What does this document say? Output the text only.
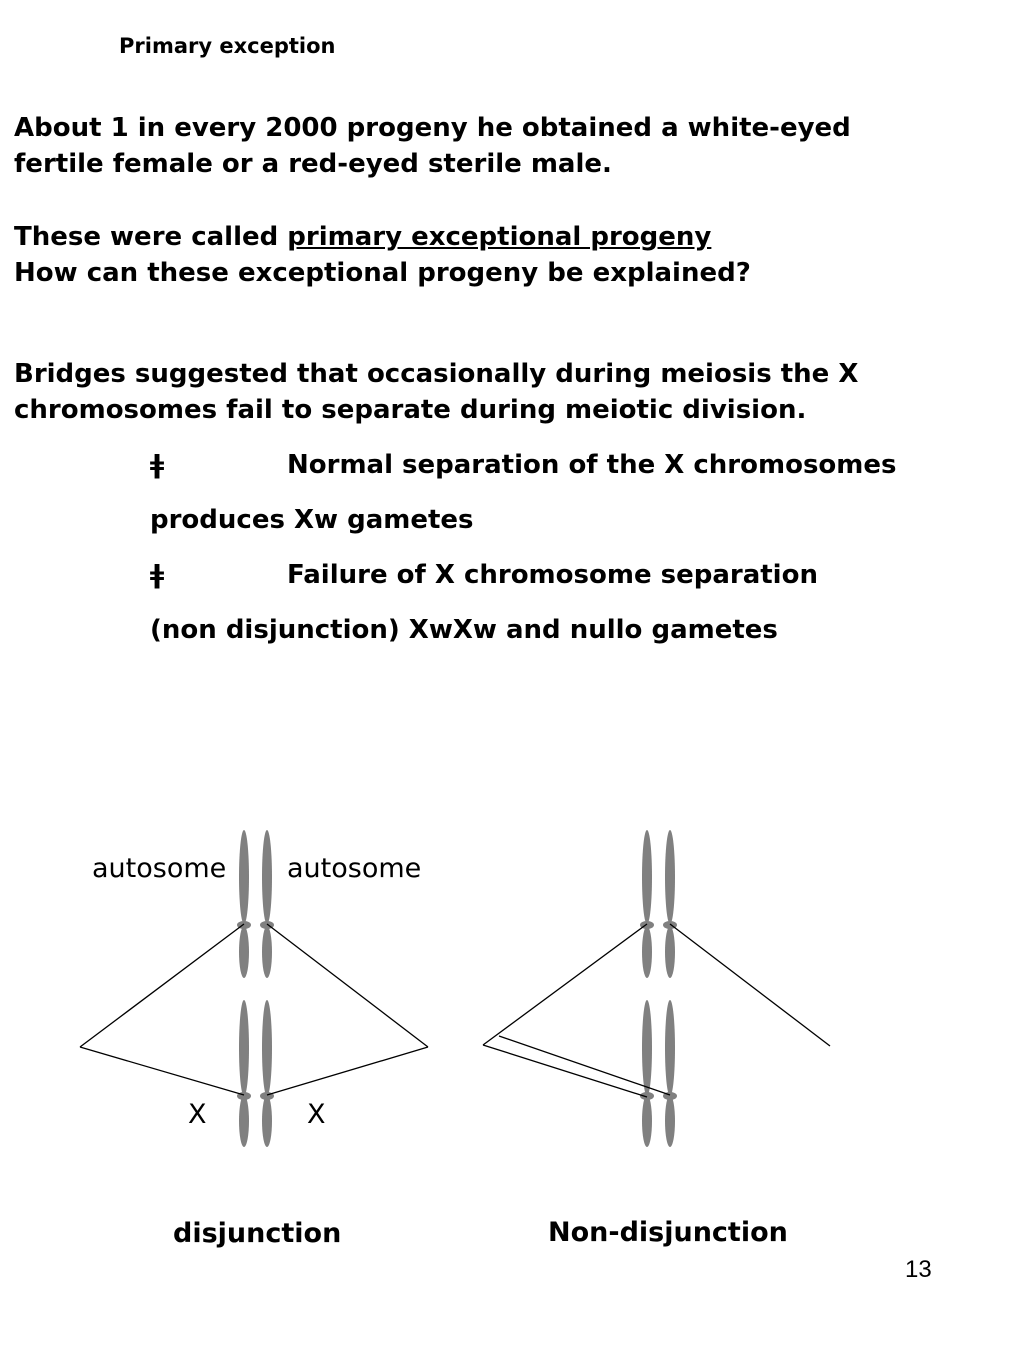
Primary exception
About 1 in every 2000 progeny he obtained a white-eyed
fertile female or a red-eyed sterile male.
These were called primary exceptional progeny
How can these exceptional progeny be explained?
Bridges suggested that occasionally during meiosis the X
chromosomes fail to separate during meiotic division.
ǂ	Normal separation of the X chromosomes
produces Xw gametes
ǂ	Failure of X chromosome separation
(non disjunction) XwXw and nullo gametes
autosome autosome
X	X
disjunction	Non-disjunction
13
